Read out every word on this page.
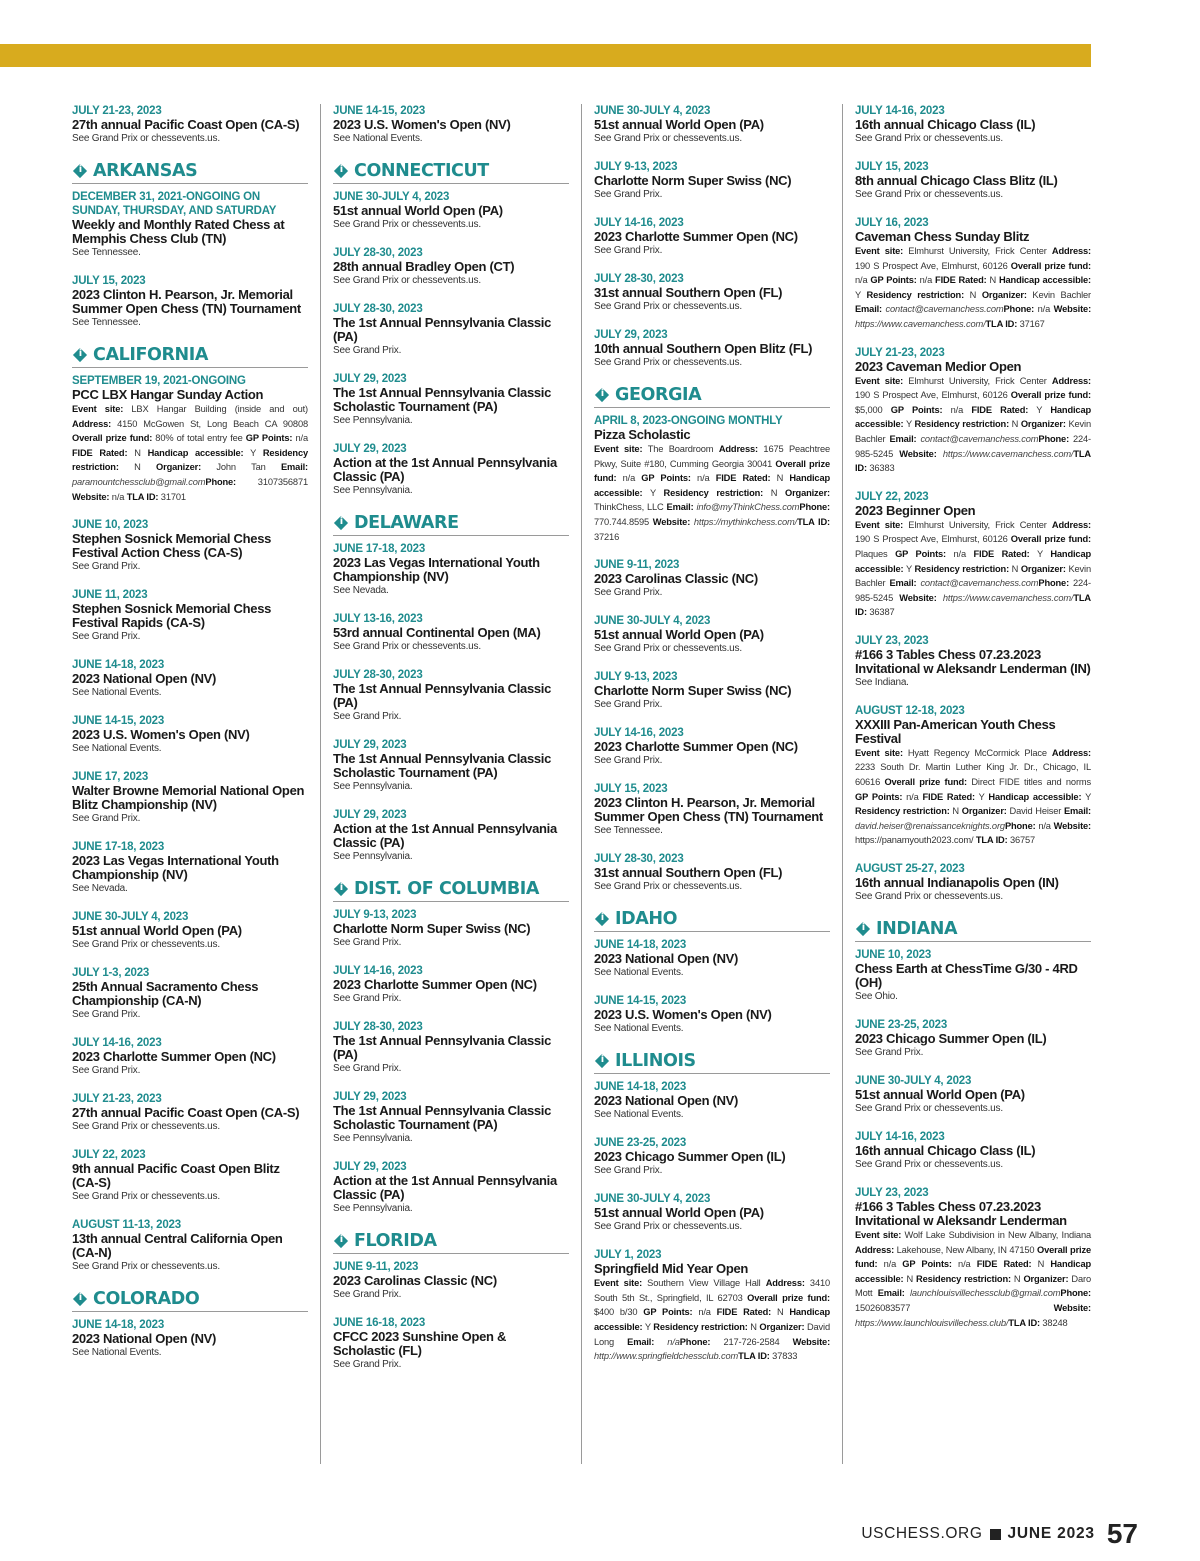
JULY 21-23, 2023
27th annual Pacific Coast Open (CA-S)
See Grand Prix or chessevents.us.
i
ARKANSAS
DECEMBER 31, 2021-ONGOING ON SUNDAY, THURSDAY, AND SATURDAY
Weekly and Monthly Rated Chess at Memphis Chess Club (TN)
See Tennessee.
JULY 15, 2023
2023 Clinton H. Pearson, Jr. Memorial Summer Open Chess (TN) Tournament
See Tennessee.
i
CALIFORNIA
SEPTEMBER 19, 2021-ONGOING
PCC LBX Hangar Sunday Action
Event site: LBX Hangar Building (inside and out) Address: 4150 McGowen St, Long Beach CA 90808 Overall prize fund: 80% of total entry fee GP Points: n/a FIDE Rated: N Handicap accessible: Y Residency restriction: N Organizer: John Tan Email: paramountchessclub@gmail.comPhone: 3107356871 Website: n/a TLA ID: 31701
JUNE 10, 2023
Stephen Sosnick Memorial Chess Festival Action Chess (CA-S)
See Grand Prix.
JUNE 11, 2023
Stephen Sosnick Memorial Chess Festival Rapids (CA-S)
See Grand Prix.
JUNE 14-18, 2023
2023 National Open (NV)
See National Events.
JUNE 14-15, 2023
2023 U.S. Women's Open (NV)
See National Events.
JUNE 17, 2023
Walter Browne Memorial National Open Blitz Championship (NV)
See Grand Prix.
JUNE 17-18, 2023
2023 Las Vegas International Youth Championship (NV)
See Nevada.
JUNE 30-JULY 4, 2023
51st annual World Open (PA)
See Grand Prix or chessevents.us.
JULY 1-3, 2023
25th Annual Sacramento Chess Championship (CA-N)
See Grand Prix.
JULY 14-16, 2023
2023 Charlotte Summer Open (NC)
See Grand Prix.
JULY 21-23, 2023
27th annual Pacific Coast Open (CA-S)
See Grand Prix or chessevents.us.
JULY 22, 2023
9th annual Pacific Coast Open Blitz (CA-S)
See Grand Prix or chessevents.us.
AUGUST 11-13, 2023
13th annual Central California Open (CA-N)
See Grand Prix or chessevents.us.
i
COLORADO
JUNE 14-18, 2023
2023 National Open (NV)
See National Events.
JUNE 14-15, 2023
2023 U.S. Women's Open (NV)
See National Events.
i
CONNECTICUT
JUNE 30-JULY 4, 2023
51st annual World Open (PA)
See Grand Prix or chessevents.us.
JULY 28-30, 2023
28th annual Bradley Open (CT)
See Grand Prix or chessevents.us.
JULY 28-30, 2023
The 1st Annual Pennsylvania Classic (PA)
See Grand Prix.
JULY 29, 2023
The 1st Annual Pennsylvania Classic Scholastic Tournament (PA)
See Pennsylvania.
JULY 29, 2023
Action at the 1st Annual Pennsylvania Classic (PA)
See Pennsylvania.
i
DELAWARE
JUNE 17-18, 2023
2023 Las Vegas International Youth Championship (NV)
See Nevada.
JULY 13-16, 2023
53rd annual Continental Open (MA)
See Grand Prix or chessevents.us.
JULY 28-30, 2023
The 1st Annual Pennsylvania Classic (PA)
See Grand Prix.
JULY 29, 2023
The 1st Annual Pennsylvania Classic Scholastic Tournament (PA)
See Pennsylvania.
JULY 29, 2023
Action at the 1st Annual Pennsylvania Classic (PA)
See Pennsylvania.
i
DIST. OF COLUMBIA
JULY 9-13, 2023
Charlotte Norm Super Swiss (NC)
See Grand Prix.
JULY 14-16, 2023
2023 Charlotte Summer Open (NC)
See Grand Prix.
JULY 28-30, 2023
The 1st Annual Pennsylvania Classic (PA)
See Grand Prix.
JULY 29, 2023
The 1st Annual Pennsylvania Classic Scholastic Tournament (PA)
See Pennsylvania.
JULY 29, 2023
Action at the 1st Annual Pennsylvania Classic (PA)
See Pennsylvania.
i
FLORIDA
JUNE 9-11, 2023
2023 Carolinas Classic (NC)
See Grand Prix.
JUNE 16-18, 2023
CFCC 2023 Sunshine Open & Scholastic (FL)
See Grand Prix.
JUNE 30-JULY 4, 2023
51st annual World Open (PA)
See Grand Prix or chessevents.us.
JULY 9-13, 2023
Charlotte Norm Super Swiss (NC)
See Grand Prix.
JULY 14-16, 2023
2023 Charlotte Summer Open (NC)
See Grand Prix.
JULY 28-30, 2023
31st annual Southern Open (FL)
See Grand Prix or chessevents.us.
JULY 29, 2023
10th annual Southern Open Blitz (FL)
See Grand Prix or chessevents.us.
i
GEORGIA
APRIL 8, 2023-ONGOING MONTHLY
Pizza Scholastic
Event site: The Boardroom Address: 1675 Peachtree Pkwy, Suite #180, Cumming Georgia 30041 Overall prize fund: n/a GP Points: n/a FIDE Rated: N Handicap accessible: Y Residency restriction: N Organizer: ThinkChess, LLC Email: info@myThinkChess.comPhone: 770.744.8595 Website: https://mythinkchess.com/TLA ID: 37216
JUNE 9-11, 2023
2023 Carolinas Classic (NC)
See Grand Prix.
JUNE 30-JULY 4, 2023
51st annual World Open (PA)
See Grand Prix or chessevents.us.
JULY 9-13, 2023
Charlotte Norm Super Swiss (NC)
See Grand Prix.
JULY 14-16, 2023
2023 Charlotte Summer Open (NC)
See Grand Prix.
JULY 15, 2023
2023 Clinton H. Pearson, Jr. Memorial Summer Open Chess (TN) Tournament
See Tennessee.
JULY 28-30, 2023
31st annual Southern Open (FL)
See Grand Prix or chessevents.us.
i
IDAHO
JUNE 14-18, 2023
2023 National Open (NV)
See National Events.
JUNE 14-15, 2023
2023 U.S. Women's Open (NV)
See National Events.
i
ILLINOIS
JUNE 14-18, 2023
2023 National Open (NV)
See National Events.
JUNE 23-25, 2023
2023 Chicago Summer Open (IL)
See Grand Prix.
JUNE 30-JULY 4, 2023
51st annual World Open (PA)
See Grand Prix or chessevents.us.
JULY 1, 2023
Springfield Mid Year Open
Event site: Southern View Village Hall Address: 3410 South 5th St., Springfield, IL 62703 Overall prize fund: $400 b/30 GP Points: n/a FIDE Rated: N Handicap accessible: Y Residency restriction: N Organizer: David Long Email: n/aPhone: 217-726-2584 Website: http://www.springfieldchessclub.comTLA ID: 37833
JULY 14-16, 2023
16th annual Chicago Class (IL)
See Grand Prix or chessevents.us.
JULY 15, 2023
8th annual Chicago Class Blitz (IL)
See Grand Prix or chessevents.us.
JULY 16, 2023
Caveman Chess Sunday Blitz
Event site: Elmhurst University, Frick Center Address: 190 S Prospect Ave, Elmhurst, 60126 Overall prize fund: n/a GP Points: n/a FIDE Rated: N Handicap accessible: Y Residency restriction: N Organizer: Kevin Bachler Email: contact@cavemanchess.comPhone: n/a Website: https://www.cavemanchess.com/TLA ID: 37167
JULY 21-23, 2023
2023 Caveman Medior Open
Event site: Elmhurst University, Frick Center Address: 190 S Prospect Ave, Elmhurst, 60126 Overall prize fund: $5,000 GP Points: n/a FIDE Rated: Y Handicap accessible: Y Residency restriction: N Organizer: Kevin Bachler Email: contact@cavemanchess.comPhone: 224-985-5245 Website: https://www.cavemanchess.com/TLA ID: 36383
JULY 22, 2023
2023 Beginner Open
Event site: Elmhurst University, Frick Center Address: 190 S Prospect Ave, Elmhurst, 60126 Overall prize fund: Plaques GP Points: n/a FIDE Rated: Y Handicap accessible: Y Residency restriction: N Organizer: Kevin Bachler Email: contact@cavemanchess.comPhone: 224-985-5245 Website: https://www.cavemanchess.com/TLA ID: 36387
JULY 23, 2023
#166 3 Tables Chess 07.23.2023 Invitational w Aleksandr Lenderman (IN)
See Indiana.
AUGUST 12-18, 2023
XXXIII Pan-American Youth Chess Festival
Event site: Hyatt Regency McCormick Place Address: 2233 South Dr. Martin Luther King Jr. Dr., Chicago, IL 60616 Overall prize fund: Direct FIDE titles and norms GP Points: n/a FIDE Rated: Y Handicap accessible: Y Residency restriction: N Organizer: David Heiser Email: david.heiser@renaissanceknights.orgPhone: n/a Website: https://panamyouth2023.com/ TLA ID: 36757
AUGUST 25-27, 2023
16th annual Indianapolis Open (IN)
See Grand Prix or chessevents.us.
i
INDIANA
JUNE 10, 2023
Chess Earth at ChessTime G/30 - 4RD (OH)
See Ohio.
JUNE 23-25, 2023
2023 Chicago Summer Open (IL)
See Grand Prix.
JUNE 30-JULY 4, 2023
51st annual World Open (PA)
See Grand Prix or chessevents.us.
JULY 14-16, 2023
16th annual Chicago Class (IL)
See Grand Prix or chessevents.us.
JULY 23, 2023
#166 3 Tables Chess 07.23.2023 Invitational w Aleksandr Lenderman
Event site: Wolf Lake Subdivision in New Albany, Indiana Address: Lakehouse, New Albany, IN 47150 Overall prize fund: n/a GP Points: n/a FIDE Rated: N Handicap accessible: N Residency restriction: N Organizer: Daro Mott Email: launchlouisvillechessclub@gmail.comPhone: 15026083577 Website: https://www.launchlouisvillechess.club/TLA ID: 38248
USCHESS.ORG JUNE 2023 57
